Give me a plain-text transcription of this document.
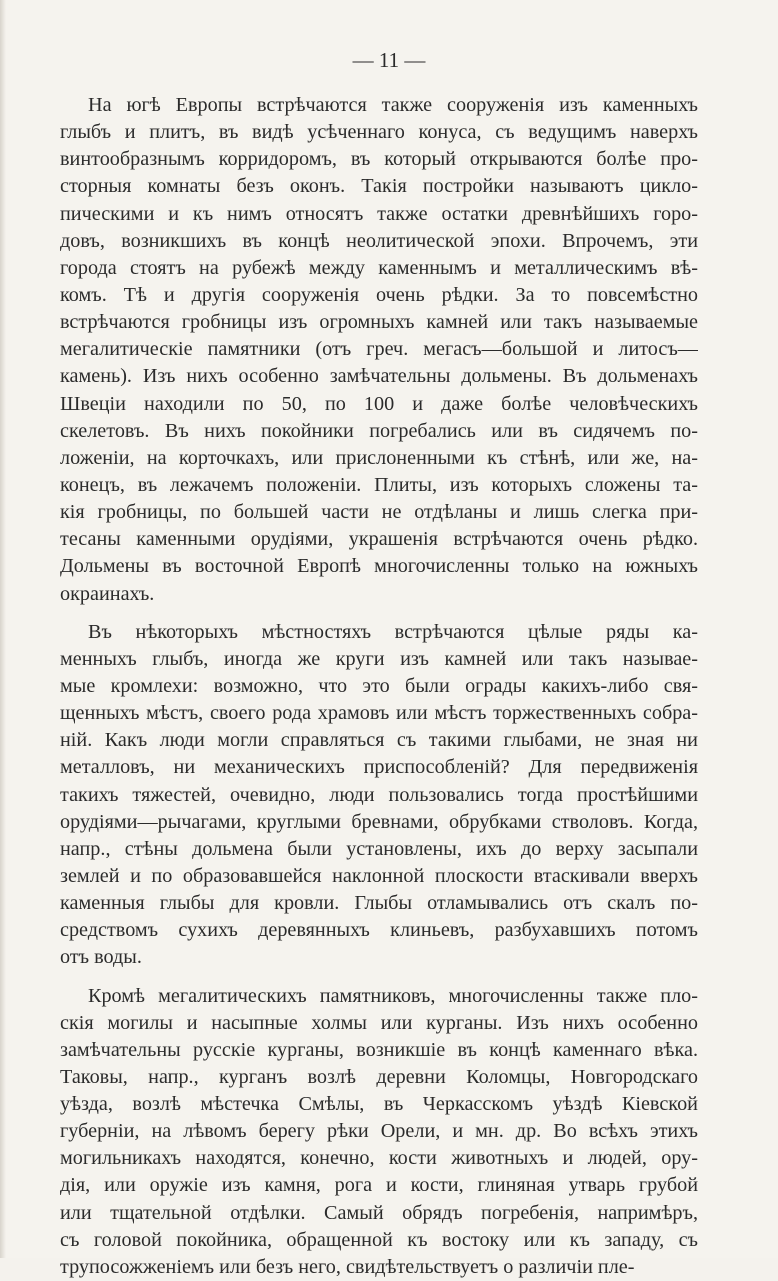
— 11 —
На югѣ Европы встрѣчаются также сооруженія изъ каменныхъ
глыбъ и плитъ, въ видѣ усѣченнаго конуса, съ ведущимъ наверхъ
винтообразнымъ корридоромъ, въ который открываются болѣе про-
сторныя комнаты безъ оконъ. Такія постройки называютъ цикло-
пическими и къ нимъ относятъ также остатки древнѣйшихъ горо-
довъ, возникшихъ въ концѣ неолитической эпохи. Впрочемъ, эти
города стоятъ на рубежѣ между каменнымъ и металлическимъ вѣ-
комъ. Тѣ и другія сооруженія очень рѣдки. За то повсемѣстно
встрѣчаются гробницы изъ огромныхъ камней или такъ называемые
мегалитическіе памятники (отъ греч. мегасъ—большой и литосъ—
камень). Изъ нихъ особенно замѣчательны дольмены. Въ дольменахъ
Швеціи находили по 50, по 100 и даже болѣе человѣческихъ
скелетовъ. Въ нихъ покойники погребались или въ сидячемъ по-
ложеніи, на корточкахъ, или прислоненными къ стѣнѣ, или же, на-
конецъ, въ лежачемъ положеніи. Плиты, изъ которыхъ сложены та-
кія гробницы, по большей части не отдѣланы и лишь слегка при-
тесаны каменными орудіями, украшенія встрѣчаются очень рѣдко.
Дольмены въ восточной Европѣ многочисленны только на южныхъ
окраинахъ.
Въ нѣкоторыхъ мѣстностяхъ встрѣчаются цѣлые ряды ка-
менныхъ глыбъ, иногда же круги изъ камней или такъ называе-
мые кромлехи: возможно, что это были ограды какихъ-либо свя-
щенныхъ мѣстъ, своего рода храмовъ или мѣстъ торжественныхъ собра-
ній. Какъ люди могли справляться съ такими глыбами, не зная ни
металловъ, ни механическихъ приспособленій? Для передвиженія
такихъ тяжестей, очевидно, люди пользовались тогда простѣйшими
орудіями—рычагами, круглыми бревнами, обрубками стволовъ. Когда,
напр., стѣны дольмена были установлены, ихъ до верху засыпали
землей и по образовавшейся наклонной плоскости втаскивали вверхъ
каменныя глыбы для кровли. Глыбы отламывались отъ скалъ по-
средствомъ сухихъ деревянныхъ клиньевъ, разбухавшихъ потомъ
отъ воды.
Кромѣ мегалитическихъ памятниковъ, многочисленны также пло-
скія могилы и насыпные холмы или курганы. Изъ нихъ особенно
замѣчательны русскіе курганы, возникшіе въ концѣ каменнаго вѣка.
Таковы, напр., курганъ возлѣ деревни Коломцы, Новгородскаго
уѣзда, возлѣ мѣстечка Смѣлы, въ Черкасскомъ уѣздѣ Кіевской
губерніи, на лѣвомъ берегу рѣки Орели, и мн. др. Во всѣхъ этихъ
могильникахъ находятся, конечно, кости животныхъ и людей, ору-
дія, или оружіе изъ камня, рога и кости, глиняная утварь грубой
или тщательной отдѣлки. Самый обрядъ погребенія, напримѣръ,
съ головой покойника, обращенной къ востоку или къ западу, съ
трупосожженіемъ или безъ него, свидѣтельствуетъ о различіи пле-
